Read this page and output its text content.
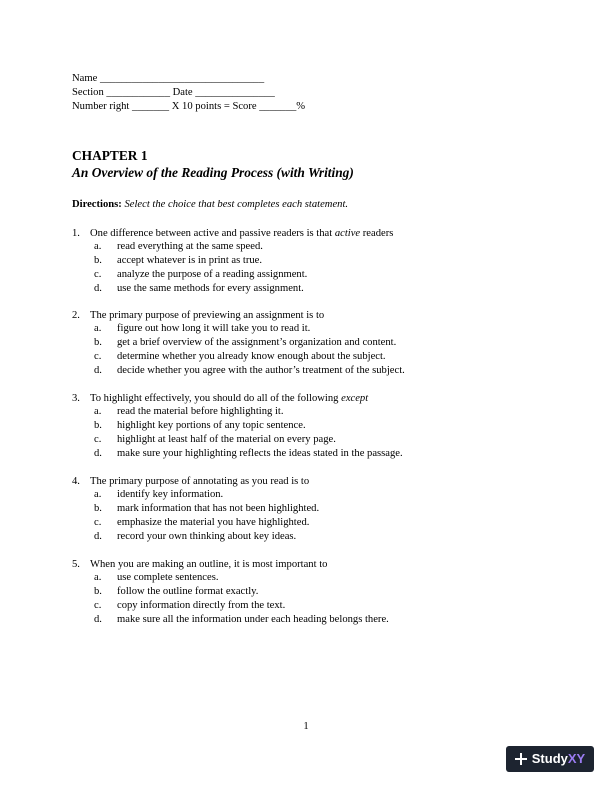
Name _______________________________
Section ____________ Date _______________
Number right _______ X 10 points = Score _______%
CHAPTER 1
An Overview of the Reading Process (with Writing)
Directions: Select the choice that best completes each statement.
1. One difference between active and passive readers is that active readers
a. read everything at the same speed.
b. accept whatever is in print as true.
c. analyze the purpose of a reading assignment.
d. use the same methods for every assignment.
2. The primary purpose of previewing an assignment is to
a. figure out how long it will take you to read it.
b. get a brief overview of the assignment’s organization and content.
c. determine whether you already know enough about the subject.
d. decide whether you agree with the author’s treatment of the subject.
3. To highlight effectively, you should do all of the following except
a. read the material before highlighting it.
b. highlight key portions of any topic sentence.
c. highlight at least half of the material on every page.
d. make sure your highlighting reflects the ideas stated in the passage.
4. The primary purpose of annotating as you read is to
a. identify key information.
b. mark information that has not been highlighted.
c. emphasize the material you have highlighted.
d. record your own thinking about key ideas.
5. When you are making an outline, it is most important to
a. use complete sentences.
b. follow the outline format exactly.
c. copy information directly from the text.
d. make sure all the information under each heading belongs there.
1
StudyXY
